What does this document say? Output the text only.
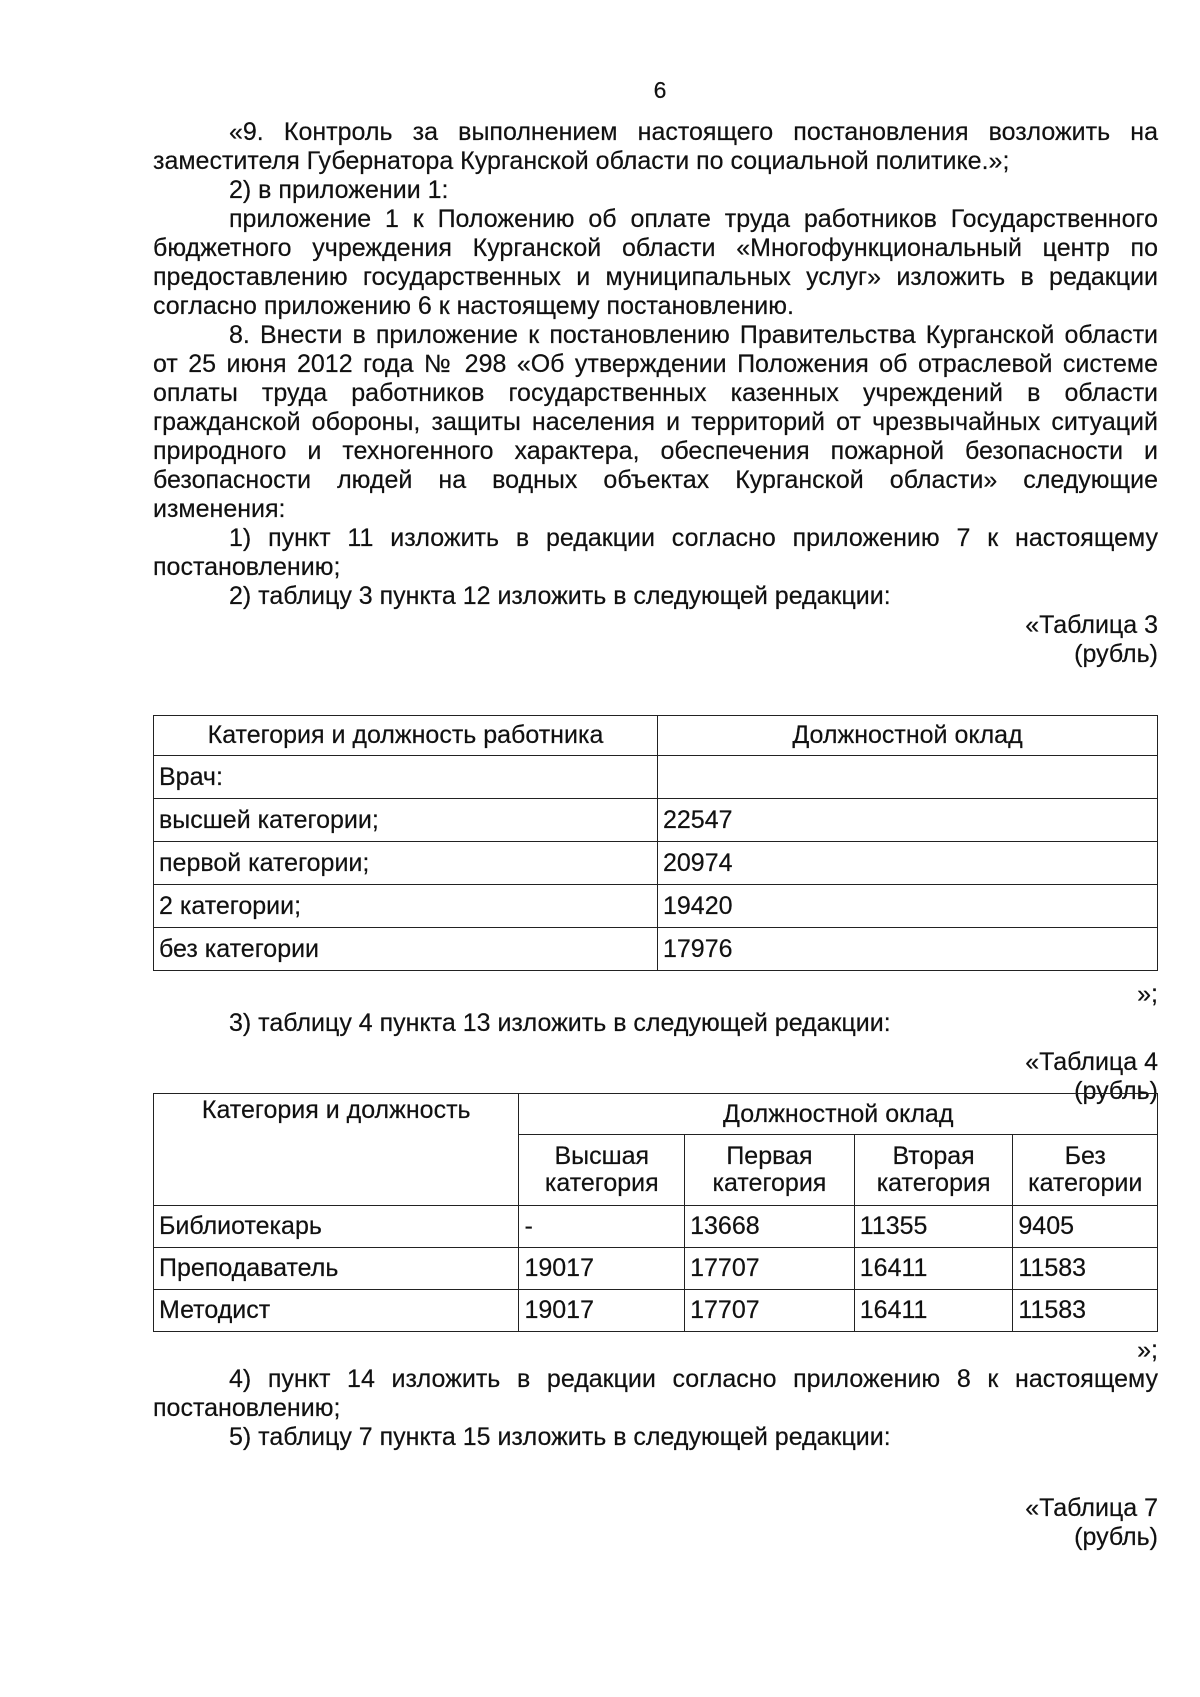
6

«9. Контроль за выполнением настоящего постановления возложить на заместителя Губернатора Курганской области по социальной политике.»;

2) в приложении 1:

приложение 1 к Положению об оплате труда работников Государственного бюджетного учреждения Курганской области «Многофункциональный центр по предоставлению государственных и муниципальных услуг» изложить в редакции согласно приложению 6 к настоящему постановлению.

8. Внести в приложение к постановлению Правительства Курганской области от 25 июня 2012 года № 298 «Об утверждении Положения об отраслевой системе оплаты труда работников государственных казенных учреждений в области гражданской обороны, защиты населения и территорий от чрезвычайных ситуаций природного и техногенного характера, обеспечения пожарной безопасности и безопасности людей на водных объектах Курганской области» следующие изменения:

1) пункт 11 изложить в редакции согласно приложению 7 к настоящему постановлению;

2) таблицу 3 пункта 12 изложить в следующей редакции:

«Таблица 3

(рубль)

Категория и должность работника	Должностной оклад
Врач:	
высшей категории;	22547
первой категории;	20974
2 категории;	19420
без категории	17976

»;

3) таблицу 4 пункта 13 изложить в следующей редакции:

«Таблица 4

(рубль)

Категория и должность	Должностной оклад			
	Высшая категория	Первая категория	Вторая категория	Без категории
Библиотекарь	-	13668	11355	9405
Преподаватель	19017	17707	16411	11583
Методист	19017	17707	16411	11583

»;

4) пункт 14 изложить в редакции согласно приложению 8 к настоящему постановлению;

5) таблицу 7 пункта 15 изложить в следующей редакции:

«Таблица 7

(рубль)
